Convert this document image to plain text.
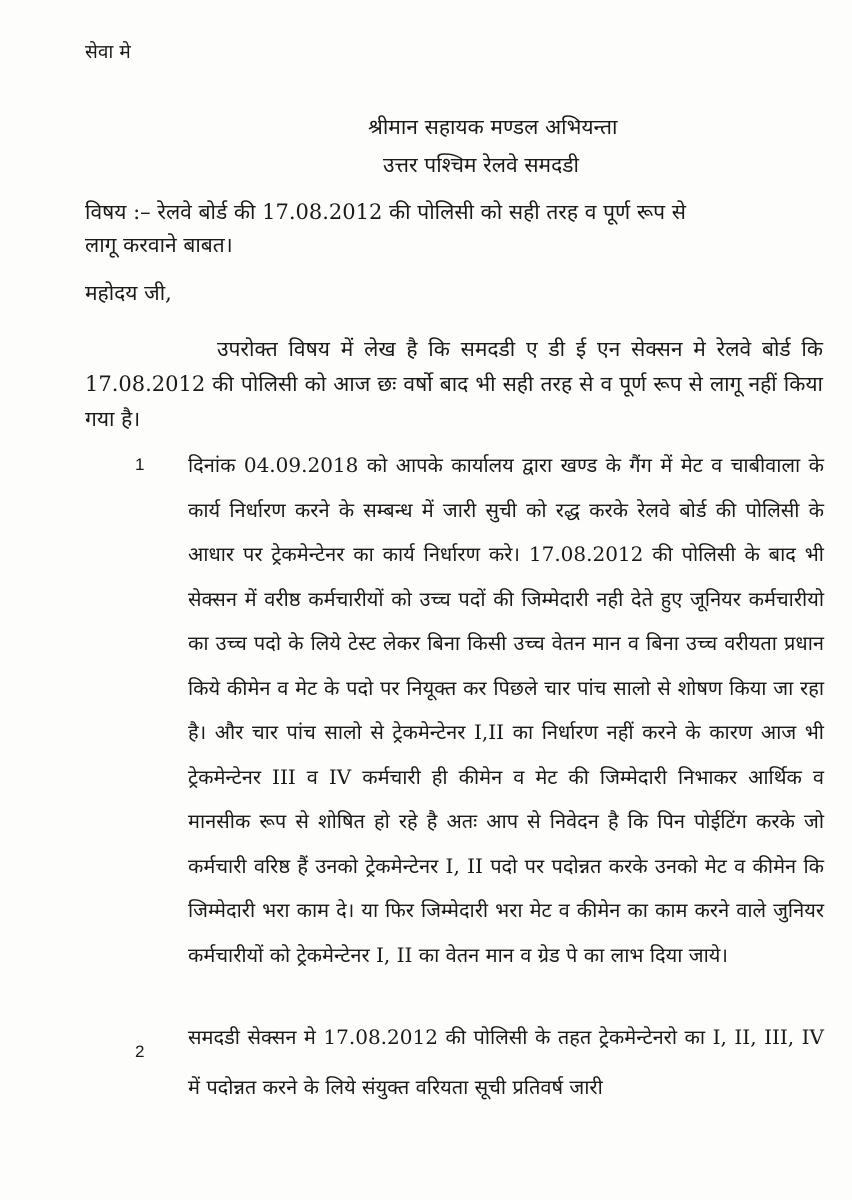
सेवा मे
श्रीमान सहायक मण्डल अभियन्ता
उत्तर पश्चिम रेलवे समदडी
विषय :– रेलवे बोर्ड की 17.08.2012 की पोलिसी को सही तरह व पूर्ण रूप से
लागू करवाने बाबत।
महोदय जी,
उपरोक्त विषय में लेख है कि समदडी ए डी ई एन सेक्सन मे रेलवे बोर्ड कि 17.08.2012 की पोलिसी को आज छः वर्षो बाद भी सही तरह से व पूर्ण रूप से लागू नहीं किया गया है।
1 दिनांक 04.09.2018 को आपके कार्यालय द्वारा खण्ड के गैंग में मेट व चाबीवाला के कार्य निर्धारण करने के सम्बन्ध में जारी सुची को रद्ध करके रेलवे बोर्ड की पोलिसी के आधार पर ट्रेकमेन्टेनर का कार्य निर्धारण करे। 17.08.2012 की पोलिसी के बाद भी सेक्सन में वरीष्ठ कर्मचारीयों को उच्च पदों की जिम्मेदारी नही देते हुए जूनियर कर्मचारीयो का उच्च पदो के लिये टेस्ट लेकर बिना किसी उच्च वेतन मान व बिना उच्च वरीयता प्रधान किये कीमेन व मेट के पदो पर नियूक्त कर पिछले चार पांच सालो से शोषण किया जा रहा है। और चार पांच सालो से ट्रेकमेन्टेनर I,II का निर्धारण नहीं करने के कारण आज भी ट्रेकमेन्टेनर III व IV कर्मचारी ही कीमेन व मेट की जिम्मेदारी निभाकर आर्थिक व मानसीक रूप से शोषित हो रहे है अतः आप से निवेदन है कि पिन पोईटिंग करके जो कर्मचारी वरिष्ठ हैं उनको ट्रेकमेन्टेनर I, II पदो पर पदोन्नत करके उनको मेट व कीमेन कि जिम्मेदारी भरा काम दे। या फिर जिम्मेदारी भरा मेट व कीमेन का काम करने वाले जुनियर कर्मचारीयों को ट्रेकमेन्टेनर I, II का वेतन मान व ग्रेड पे का लाभ दिया जाये।
2
समदडी सेक्सन मे 17.08.2012 की पोलिसी के तहत ट्रेकमेन्टेनरो का I, II, III, IV में पदोन्नत करने के लिये संयुक्त वरियता सूची प्रतिवर्ष जारी
